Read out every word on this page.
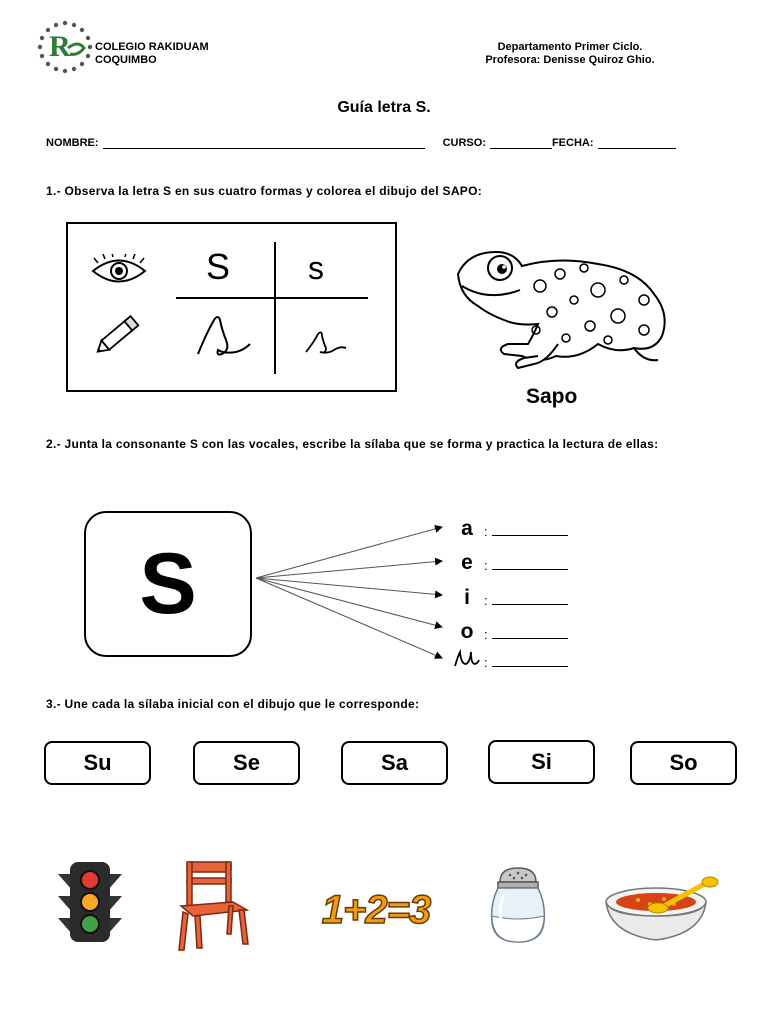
R COLEGIO RAKIDUAM
COQUIMBO
Departamento Primer Ciclo.
Profesora: Denisse Quiroz Ghio.
Guía letra S.
NOMBRE:	CURSO:	FECHA:
1.- Observa la letra S en sus cuatro formas y colorea el dibujo del SAPO:
S s
Sapo
2.- Junta la consonante S con las vocales, escribe la sílaba que se forma y practica la lectura de ellas:
S
a :
e :
i	:
o :
:
3.- Une cada la sílaba inicial con el dibujo que le corresponde:
Su	Se	Sa	Si	So
1+2=3
